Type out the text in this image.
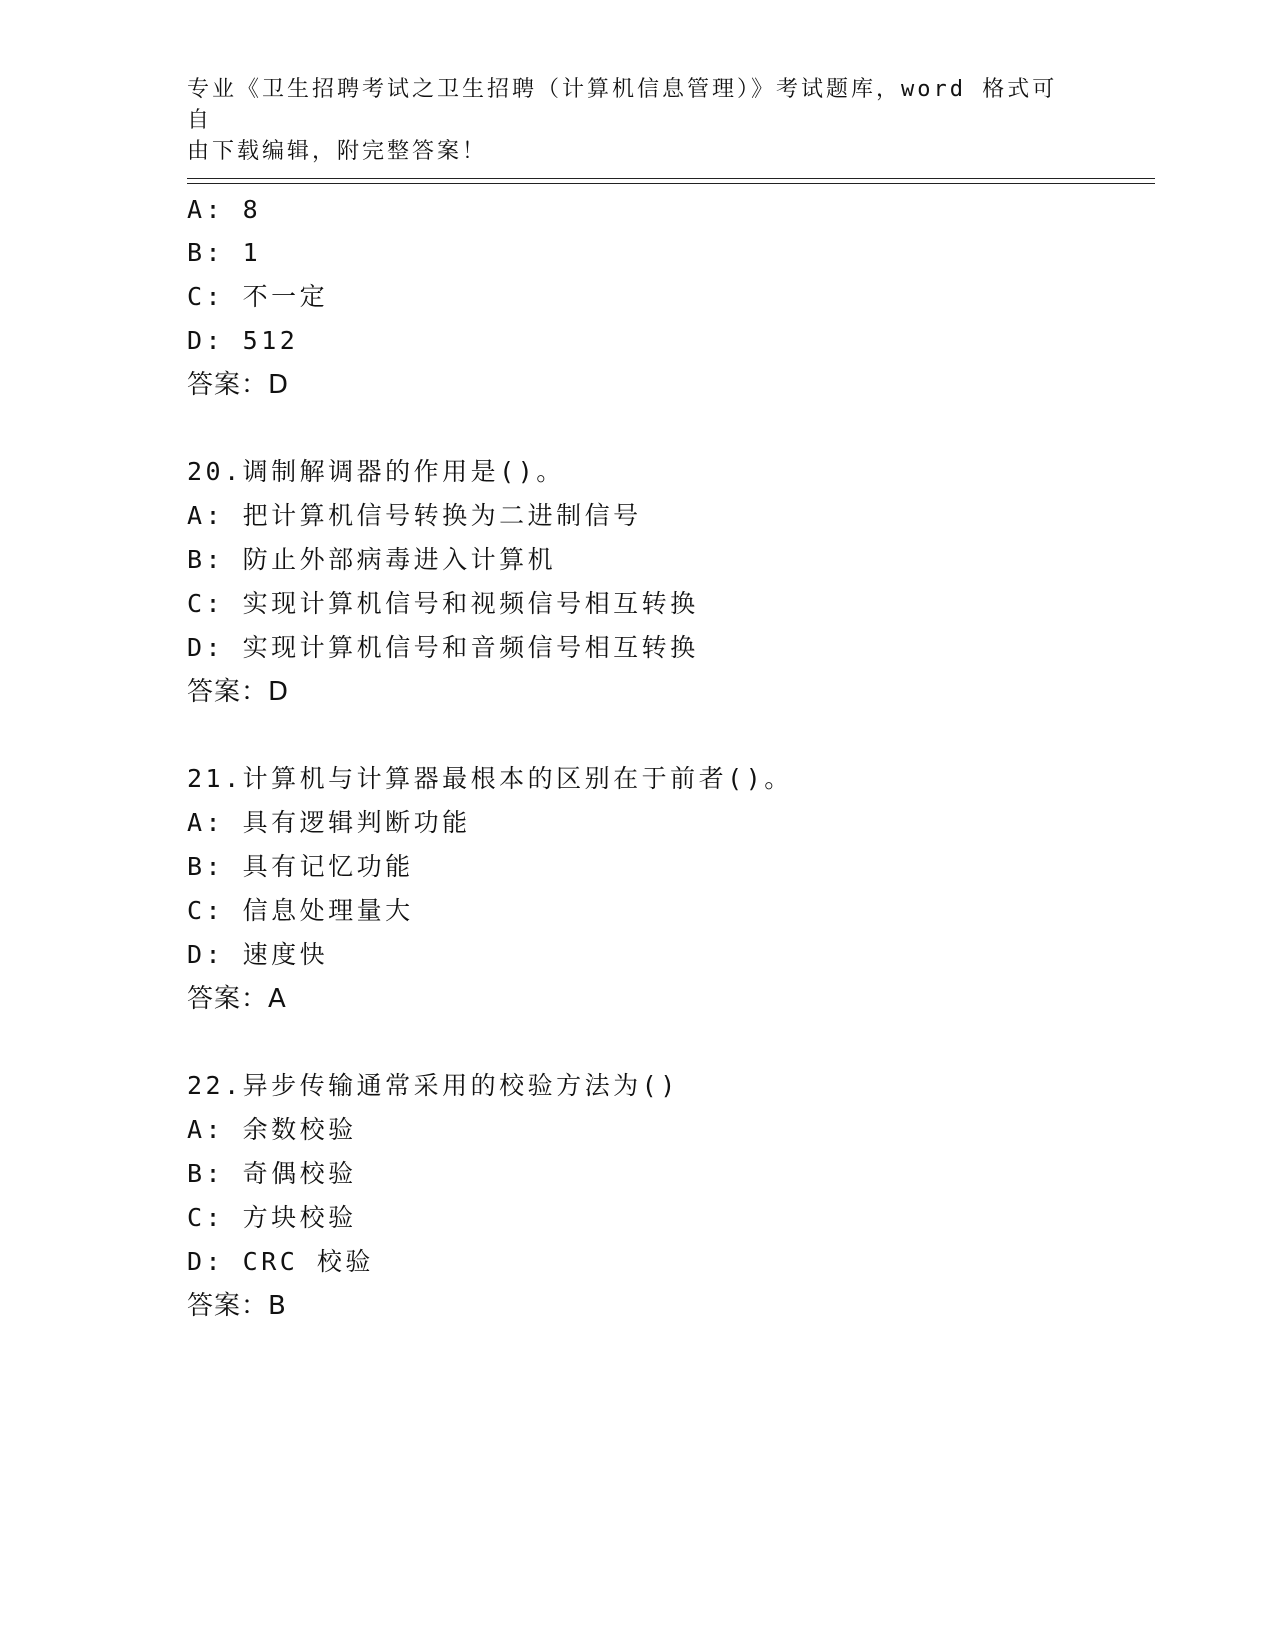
专业《卫生招聘考试之卫生招聘（计算机信息管理）》考试题库，word 格式可自
由下载编辑，附完整答案！
A: 8
B: 1
C: 不一定
D: 512
答案：D
20.调制解调器的作用是()。
A: 把计算机信号转换为二进制信号
B: 防止外部病毒进入计算机
C: 实现计算机信号和视频信号相互转换
D: 实现计算机信号和音频信号相互转换
答案：D
21.计算机与计算器最根本的区别在于前者()。
A: 具有逻辑判断功能
B: 具有记忆功能
C: 信息处理量大
D: 速度快
答案：A
22.异步传输通常采用的校验方法为()
A: 余数校验
B: 奇偶校验
C: 方块校验
D: CRC 校验
答案：B
